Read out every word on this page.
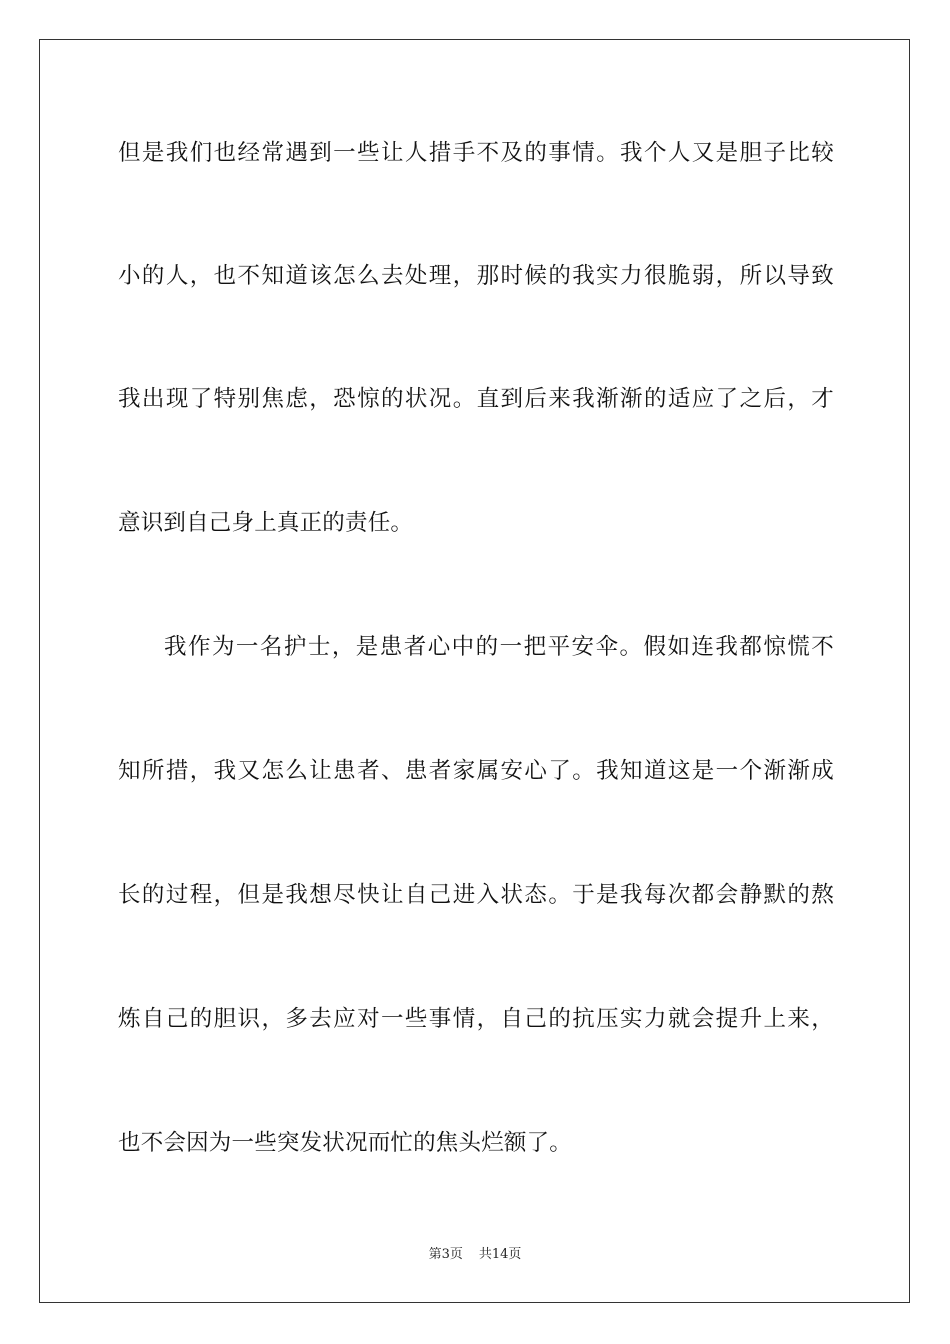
但是我们也经常遇到一些让人措手不及的事情。我个人又是胆子比较
小的人，也不知道该怎么去处理，那时候的我实力很脆弱，所以导致
我出现了特别焦虑，恐惊的状况。直到后来我渐渐的适应了之后，才
意识到自己身上真正的责任。
我作为一名护士，是患者心中的一把平安伞。假如连我都惊慌不
知所措，我又怎么让患者、患者家属安心了。我知道这是一个渐渐成
长的过程，但是我想尽快让自己进入状态。于是我每次都会静默的熬
炼自己的胆识，多去应对一些事情，自己的抗压实力就会提升上来，
也不会因为一些突发状况而忙的焦头烂额了。
第3页 共14页
